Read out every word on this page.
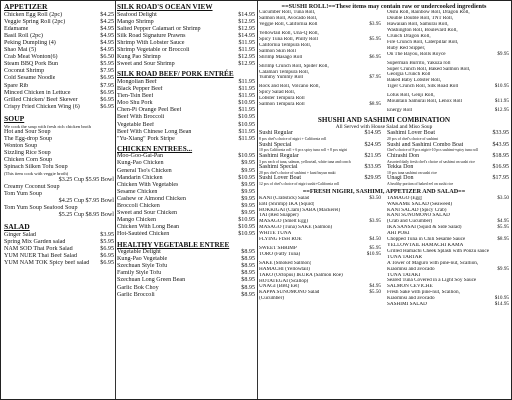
APPETIZER
Chicken Egg Roll (2pc)	$4.25
Veggie Spring Roll (2pc)	$4.25
Edamame	$4.95
Basil Roll (2pc)	$4.95
Peking Dumpling (4)	$4.95
Shao Mai (5)	$4.95
Crab Meat Wonton(6)	$6.50
Steam BBQ Pork Bun	$5.95
Coconut Shrimp	$7.95
Cold Sesame Noodle	$6.95
Spare Rib	$7.95
Minced Chicken in Lettuce	$6.95
Grilled Chicken/ Beef Skewer	$6.95
Crispy Fried Chicken Wing (6)	$6.95
SOUP
We cook the soup with fresh rich chicken broth
Hot and Sour Soup
The Egg-drop Soup
Wonton Soup
Sizzling Rice Soup
Chicken Corn Soup
Spinach Silken Tofu Soup
(This item cook with veggie broth)
$3.25 Cup $5.95 Bowl
Creamy Coconut Soup
Tom Yum Soup
$4.25 Cup $7.95 Bowl
Tom Yum Soup Seafood Soup
$5.25 Cup $8.95 Bowl
SALAD
Ginger Salad	$3.95
Spring Mix Garden salad	$5.95
NAM SOD Thai Pork Salad	$6.95
YUM NUER Thai Beef Salad	$6.95
YUM NAM TOK Spicy beef salad	$6.95
SILK ROAD'S OCEAN VIEW
Seafood Delight	$14.95
Mango Shrimp	$12.95
Salted Pepper Calamari or Shrimp	$12.95
Silk Road Signature Prawns	$14.95
Shrimp With Lobster Sauce	$11.95
Shrimp Vegetable or Broccoli	$11.95
Kung Pao Shrimp	$12.95
Sweet and Sour Shrimp	$12.95
SILK ROAD BEEF/ PORK ENTRÉE
Mongolian Beef	$11.95
Black Pepper Beef	$11.95
Tien-Tsin Beef	$11.95
Moo Shu Pork	$10.95
Chen-Pi Orange Peel Beef	$11.95
Beef With Broccoli	$10.95
Vegetable Beef	$10.95
Beef With Chinese Long Bean	$11.95
"Yu-Xiang" Pork Stripe	$11.95
CHICKEN ENTREES...
Moo-Goo-Gai-Pan	$10.95
Kung-Pao Chicken	$9.95
General Tso's Chicken	$9.95
Mandarin Chicken	$10.95
Chicken With Vegetables	$9.95
Sesame Chicken	$9.95
Cashew or Almond Chicken	$9.95
Broccoli Chicken	$9.95
Sweet and Sour Chicken	$9.95
Mango Chicken	$10.95
Chicken With Long Bean	$10.95
Hot-Sautéed Chicken	$10.95
HEALTHY VEGETABLE ENTREE
Vegetable Delight	$8.95
Kung-Pao Vegetable	$8.95
Szechuan Style Tofu	$8.95
Family Style Tofu	$8.95
Szechuan Long Green Bean	$8.95
Garlic Bok Choy	$8.95
Garlic Broccoli	$8.95
==SUSHI ROLL!==These items may contain raw or undercooked ingredients
Cucumber Roll, Tuna Roll,
Salmon Roll, Avocado Roll,
Veggie Roll, California Roll	$3.95

Yellowtail Roll, Una-Q Roll,
Spicy Tuna Roll, Philly Roll	$5.95
California Tempura Roll,
Salmon Skin Roll
Shrimp Masago Roll	$6.95

Shrimp Crunch Roll, Spider Roll,
Calamari Tempura Roll,
Yummy Yummy Roll	$7.95

Rock and Roll, Volcano Roll,
Spicy Salad Roll,
Lobster Tempura Roll
Salmon Tempura Roll	$8.95
Oishi Roll, Rainbow Roll, Dragon Roll,
Double Double Roll, TNT Roll,
Hawaiian Roll, Samurai Roll,
Washington Roll, Boulevard Roll,
Crunch Dragon Roll,
Fire Crunch Roll, Caterpillar Roll,
Ruby Red Slipper,
On The Bayou, Rolls Royce	$9.95

Superman Burrito, Yakuza roll
Super Crunch Roll, Baked Salmon Roll,
Georgia Crunch Roll
Baked Baby Lobster Roll,
Tiger Crunch Roll, Silk Road Roll	$10.95

Lotus Roll, Genji Roll,
Mountain Samurai Roll, Lenox Roll	$11.95

Energy Roll	$12.95
SHUSHI AND SASHIMI COMBINATION
All Served with House Salad and Miso Soup
Sushi Regular	$14.95
8 pcs chef's choice of nigiri + California roll
Sushi Special	$24.95
10 pcs California roll + 6 pcs spicy tuna roll + 8 pcs nigiri
Sashimi Regular	$21.95
3 pcs each of tuna, salmon, yellowtail, white tuna and conch
Sashimi Special	$33.95
20 pcs chef's choice of sashimi + kani buyun maki
Sushi Lover Boat	$29.95
12 pcs of chef's choice of nigiri sushi+California roll
Sashimi Lover Boat	$33.95
20 pcs of chef's choice of sashimi
Sushi and Sashimi Combo Boat	$43.95
Chef's choice of 8 pcs nigiri+10 pcs sashimi+spicy tuna roll
Chirashi Don	$18.95
Assorted daily fresh chef's choice of sashimi on sushi rice
Tekka Don	$16.95
10 pcs tuna sashimi on sushi rice
Unagi Don	$17.95
A healthy portion of baked eel on sushi rice
==FRESH NIGIRI, SASHIMI, APPETIZER AND SALAD==
KANI (Crabstick) Salad	$3.50
EBI (Shrimp) IKA (Squid)
HOKKIGAI (Clam) SABA (Mackerel)
TAI (Red Snapper)
MASAGO (Smelt Egg)	$3.95
MASAGO (Tuna) SAKE (Salmon)
WHITE TUNA
FLYING FISH ROE	$4.50

SWEET SHRIMP	$5.95
TORO (Fatty Tuna)	$10.95

SAKE (Smoked Salmon)
HAMACHI (Yellowtail)
TAKO (Octopus) IKURA (Salmon Roe)
HOTATEGAI (Scallop)
UNAGI (BBQ Eel)	$4.95
KAPPA SUNOMONO Salad	$5.50
(Cucumber)
TAMAGO (Egg)	$3.50
WAKAME SALAD (Seaweed)
KANI SALAD (Spicy Crab)
KANI SUNOMONO SALAD
(Crab and Cucumber)	$4.95
IKA SANSAI (Squid & Side Salad)	$5.95
AHI POKI
Chopped Tuna in Chili Sesame Sauce	$8.95
YELLOWTAIL HAMACHI KAMA
Grilled Hamachi Cheek Splash with Ponzu sauce
TUNA TARTAR
A Tower of Maguro with pine-nut, Scallion,
Kiaomnsi and avocado	$9.95
TUNA TATAKI
Seared Tuna Covered in a Light Soy Sauce
SALMON CEVICHE
Fresh Sake with pine-nut, Scallion,
Kiaomnsi and avocado	$10.95
SASHIMI SALAD	$14.95
